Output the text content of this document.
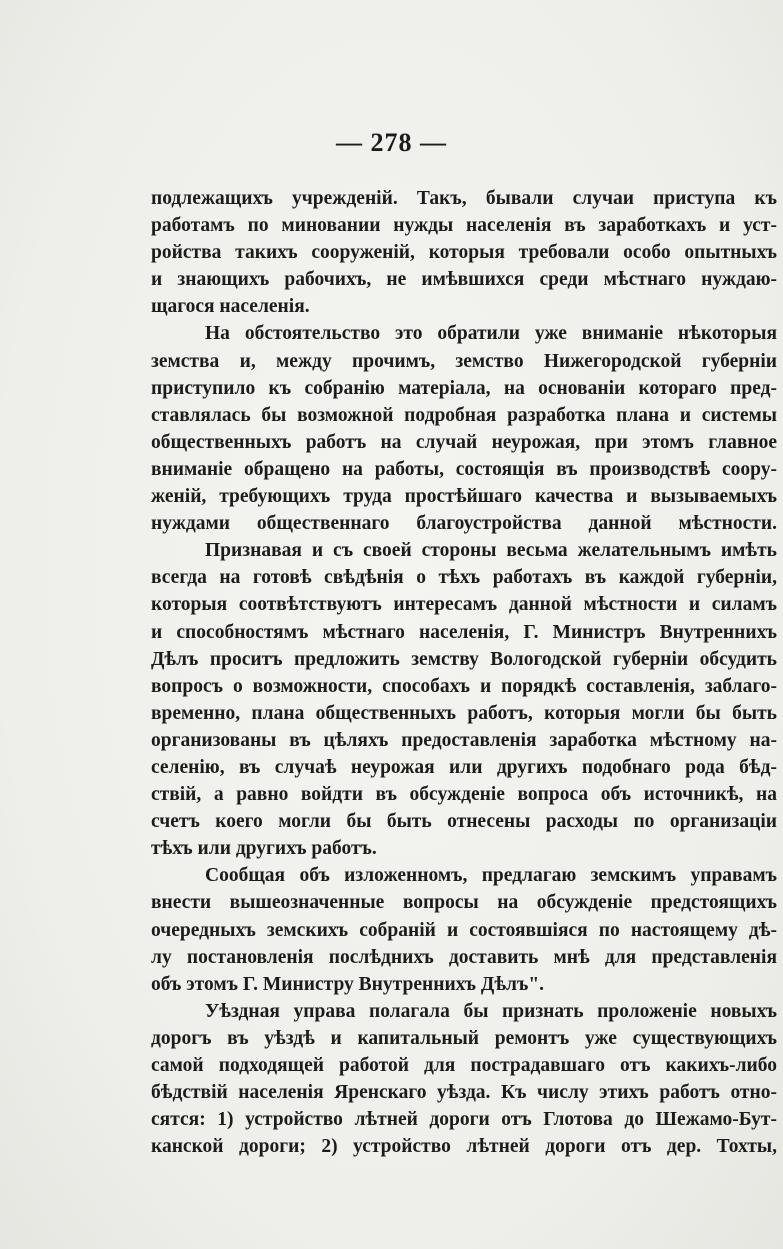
— 278 —
подлежащихъ учрежденій. Такъ, бывали случаи приступа къ
работамъ по миновании нужды населенія въ заработкахъ и уст-
ройства такихъ сооруженій, которыя требовали особо опытныхъ
и знающихъ рабочихъ, не имѣвшихся среди мѣстнаго нуждаю-
щагося населенія.
На обстоятельство это обратили уже вниманіе нѣкоторыя
земства и, между прочимъ, земство Нижегородской губерніи
приступило къ собранію матеріала, на основаніи котораго пред-
ставлялась бы возможной подробная разработка плана и системы
общественныхъ работъ на случай неурожая, при этомъ главное
вниманіе обращено на работы, состоящія въ производствѣ соору-
женій, требующихъ труда простѣйшаго качества и вызываемыхъ
нуждами общественнаго благоустройства данной мѣстности.
Признавая и съ своей стороны весьма желательнымъ имѣть
всегда на готовѣ свѣдѣнія о тѣхъ работахъ въ каждой губерніи,
которыя соотвѣтствуютъ интересамъ данной мѣстности и силамъ
и способностямъ мѣстнаго населенія, Г. Министръ Внутреннихъ
Дѣлъ проситъ предложить земству Вологодской губерніи обсудить
вопросъ о возможности, способахъ и порядкѣ составленія, заблаго-
временно, плана общественныхъ работъ, которыя могли бы быть
организованы въ цѣляхъ предоставленія заработка мѣстному на-
селенію, въ случаѣ неурожая или другихъ подобнаго рода бѣд-
ствій, а равно войдти въ обсужденіе вопроса объ источникѣ, на
счетъ коего могли бы быть отнесены расходы по организаціи
тѣхъ или другихъ работъ.
Сообщая объ изложенномъ, предлагаю земскимъ управамъ
внести вышеозначенные вопросы на обсужденіе предстоящихъ
очередныхъ земскихъ собраній и состоявшіяся по настоящему дѣ-
лу постановленія послѣднихъ доставить мнѣ для представленія
объ этомъ Г. Министру Внутреннихъ Дѣлъ".
Уѣздная управа полагала бы признать проложеніе новыхъ
дорогъ въ уѣздѣ и капитальный ремонтъ уже существующихъ
самой подходящей работой для пострадавшаго отъ какихъ-либо
бѣдствій населенія Яренскаго уѣзда. Къ числу этихъ работъ отно-
сятся: 1) устройство лѣтней дороги отъ Глотова до Шежамо-Бут-
канской дороги; 2) устройство лѣтней дороги отъ дер. Тохты,
